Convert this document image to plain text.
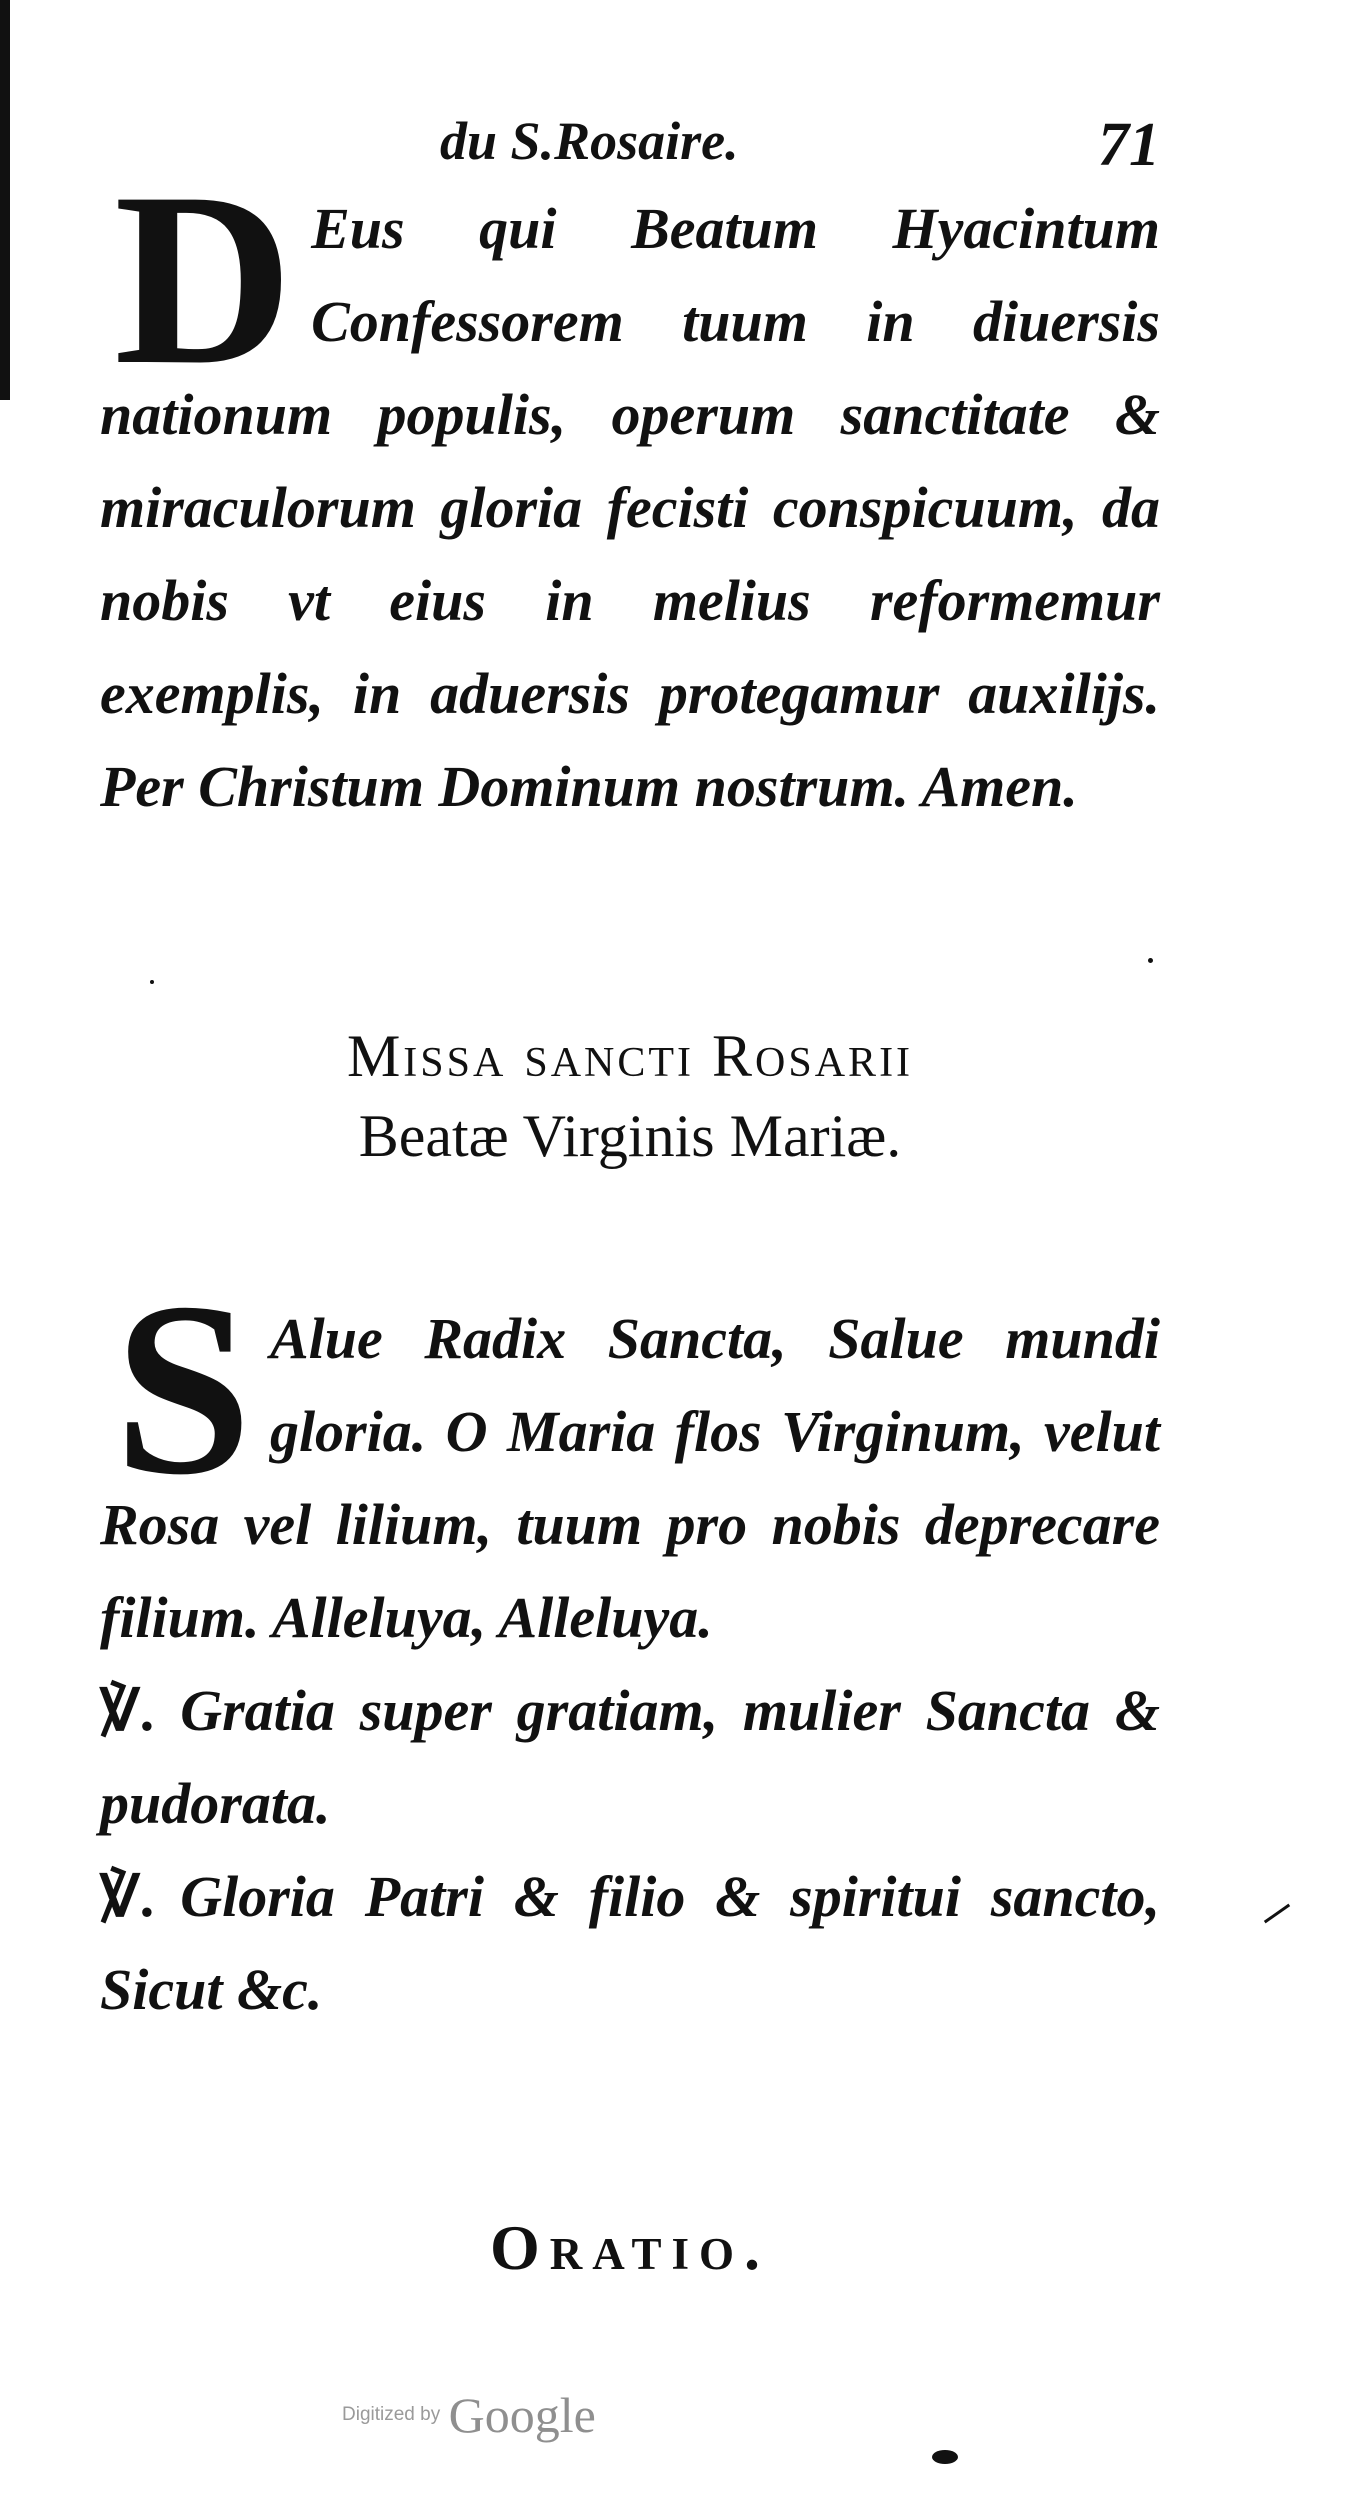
du S.Rosaire.	71

D Eus qui Beatum Hyacintum Confessorem tuum in diuersis nationum populis, operum sanctitate & miraculorum gloria fecisti conspicuum, da nobis vt eius in melius reformemur exemplis, in aduersis protegamur auxilijs. Per Christum Dominum nostrum. Amen.

Missa sancti Rosarii
Beatæ Virginis Mariæ.

S Alue Radix Sancta, Salue mundi gloria. O Maria flos Virginum, velut Rosa vel lilium, tuum pro nobis deprecare filium. Alleluya, Alleluya.

℣. Gratia super gratiam, mulier Sancta & pudorata.

℣. Gloria Patri & filio & spiritui sancto, Sicut &c.

Oratio.
Digitized by Google
